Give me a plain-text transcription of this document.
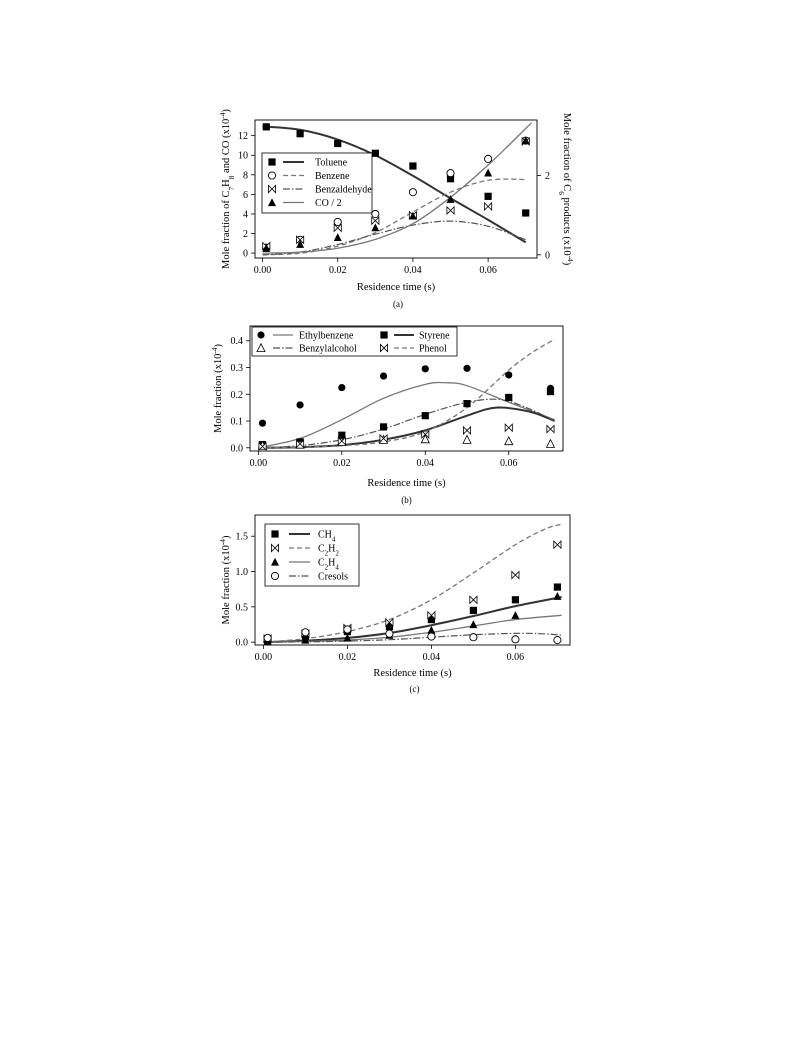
0.00	0.02	0.04	0.06
0
2
4
6
8
10
12
0
2
Residence time (s)
Mole fraction of $C_7H_8$ and CO $(x10^{-4})$
Mole fraction of $C_6$ products $(x10^{-4})$
Toluene
Benzene
Benzaldehyde
CO / 2
(a)
0.00	0.02	0.04	0.06
0.0
0.1
0.2
0.3
0.4
Residence time (s)
Mole fraction $(x10^{-4})$
Ethylbenzene	Styrene
Benzylalcohol	Phenol
(b)
0.00	0.02	0.04	0.06
0.0
0.5
1.0
1.5
Residence time (s)
Mole fraction $(x10^{-4})$	$CH_4$
$C_2H_2$
$C_2H_4$
Cresols
(c)
